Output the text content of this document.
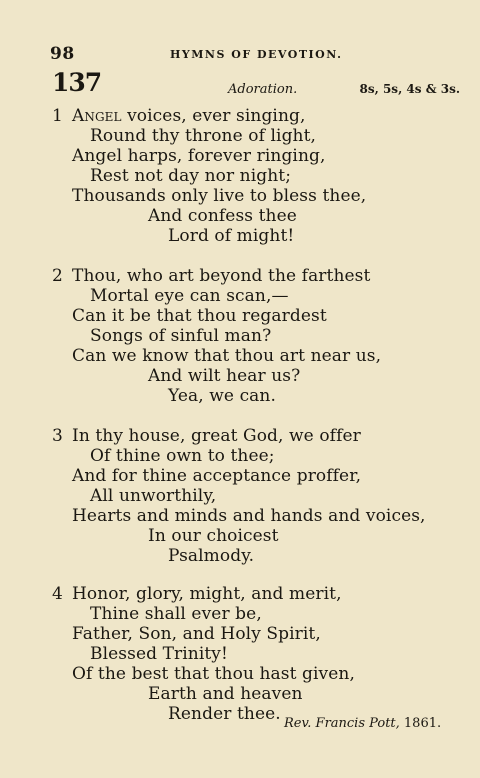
98	HYMNS OF DEVOTION.
137	Adoration.	8s, 5s, 4s & 3s.
1 Angel voices, ever singing,
Round thy throne of light,
Angel harps, forever ringing,
Rest not day nor night;
Thousands only live to bless thee,
And confess thee
Lord of might!
2 Thou, who art beyond the farthest
Mortal eye can scan,—
Can it be that thou regardest
Songs of sinful man?
Can we know that thou art near us,
And wilt hear us?
Yea, we can.
3 In thy house, great God, we offer
Of thine own to thee;
And for thine acceptance proffer,
All unworthily,
Hearts and minds and hands and voices,
In our choicest
Psalmody.
4 Honor, glory, might, and merit,
Thine shall ever be,
Father, Son, and Holy Spirit,
Blessed Trinity!
Of the best that thou hast given,
Earth and heaven
Render thee. Rev. Francis Pott, 1861.
